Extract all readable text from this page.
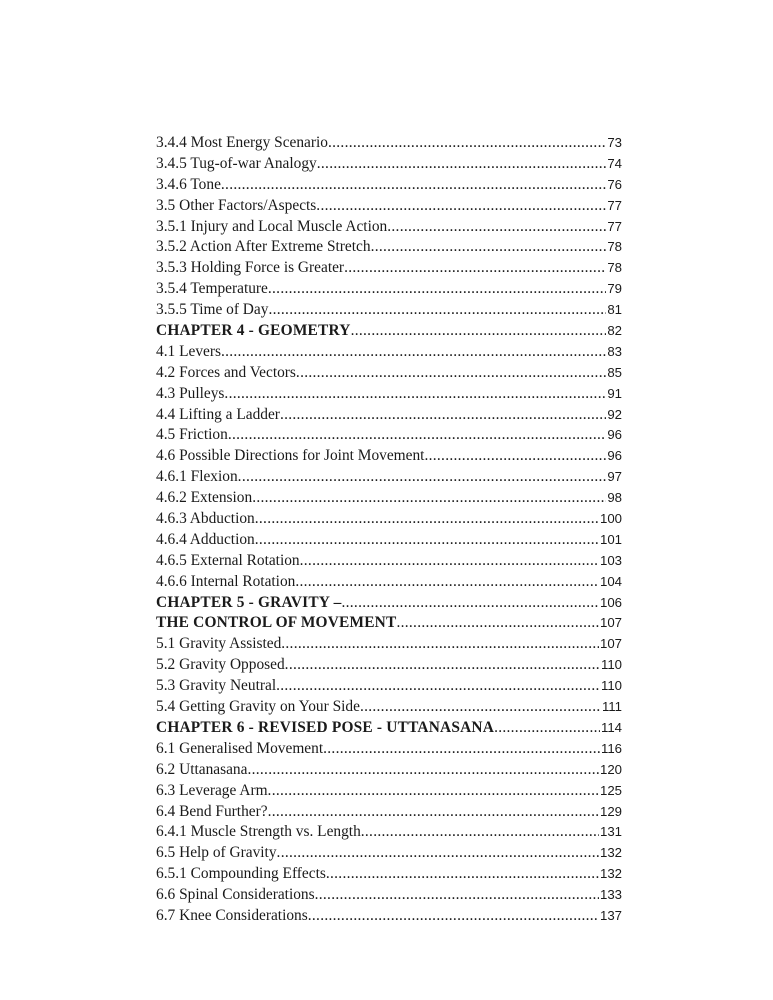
3.4.4 Most Energy Scenario .....	73
3.4.5 Tug-of-war Analogy .....	74
3.4.6 Tone .....	76
3.5 Other Factors/Aspects .....	77
3.5.1 Injury and Local Muscle Action .....	77
3.5.2 Action After Extreme Stretch .....	78
3.5.3 Holding Force is Greater .....	78
3.5.4 Temperature .....	79
3.5.5 Time of Day .....	81
CHAPTER 4 - GEOMETRY .....	82
4.1 Levers .....	83
4.2 Forces and Vectors .....	85
4.3 Pulleys .....	91
4.4 Lifting a Ladder .....	92
4.5 Friction .....	96
4.6 Possible Directions for Joint Movement .....	96
4.6.1 Flexion .....	97
4.6.2 Extension .....	98
4.6.3 Abduction .....	100
4.6.4 Adduction .....	101
4.6.5 External Rotation .....	103
4.6.6 Internal Rotation .....	104
CHAPTER 5 - GRAVITY – .....	106
THE CONTROL OF MOVEMENT .....	107
5.1 Gravity Assisted .....	107
5.2 Gravity Opposed .....	110
5.3 Gravity Neutral .....	110
5.4 Getting Gravity on Your Side .....	111
CHAPTER 6 - REVISED POSE - UTTANASANA .....	114
6.1 Generalised Movement .....	116
6.2 Uttanasana .....	120
6.3 Leverage Arm .....	125
6.4 Bend Further? .....	129
6.4.1 Muscle Strength vs. Length .....	131
6.5 Help of Gravity .....	132
6.5.1 Compounding Effects .....	132
6.6 Spinal Considerations .....	133
6.7 Knee Considerations .....	137
